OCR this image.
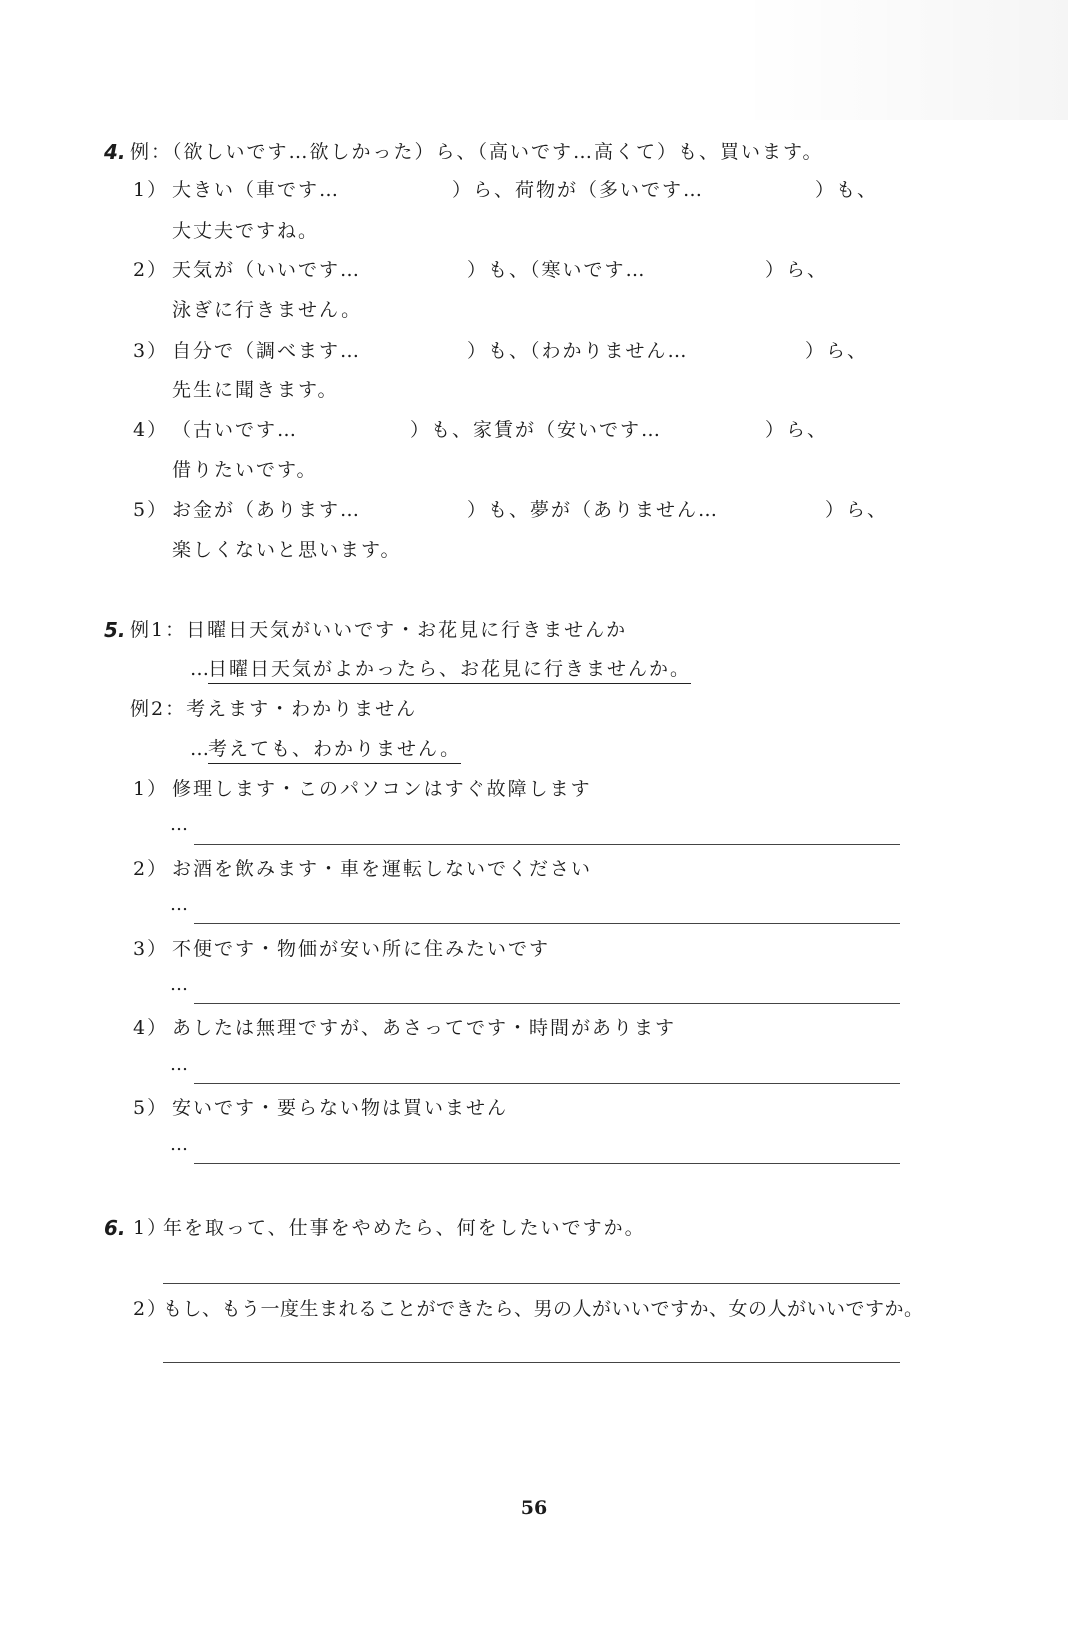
4. 例：（欲しいです…欲しかった）ら、（高いです…高くて）も、買います。
1） 大きい（車です…	）ら、荷物が（多いです…	）も、
大丈夫ですね。
2） 天気が（いいです…	）も、（寒いです…	）ら、
泳ぎに行きません。
3） 自分で（調べます…	）も、（わかりません…	）ら、
先生に聞きます。
4） （古いです…	）も、家賃が（安いです…	）ら、
借りたいです。
5） お金が（あります…	）も、夢が（ありません…	）ら、
楽しくないと思います。
5. 例1：日曜日天気がいいです・お花見に行きませんか
…
日曜日天気がよかったら、お花見に行きませんか。
例2：考えます・わかりません
…
考えても、わかりません。
1） 修理します・このパソコンはすぐ故障します
…
2） お酒を飲みます・車を運転しないでください
…
3） 不便です・物価が安い所に住みたいです
…
4） あしたは無理ですが、あさってです・時間があります
…
5） 安いです・要らない物は買いません
…
6. 1）
年を取って、仕事をやめたら、何をしたいですか。
2）
もし、もう一度生まれることができたら、男の人がいいですか、女の人がいいですか。
56
